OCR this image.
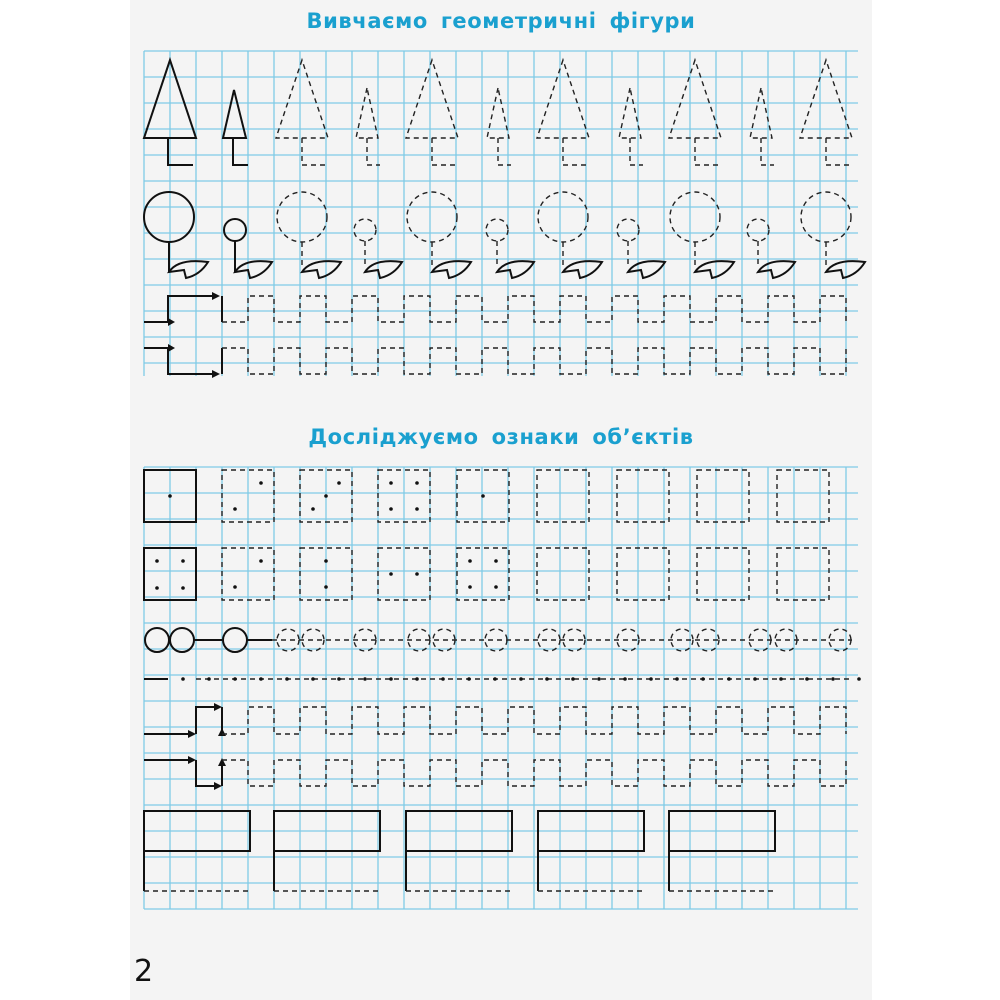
Вивчаємо геометричні фігури
Досліджуємо ознаки об’єктів
2
